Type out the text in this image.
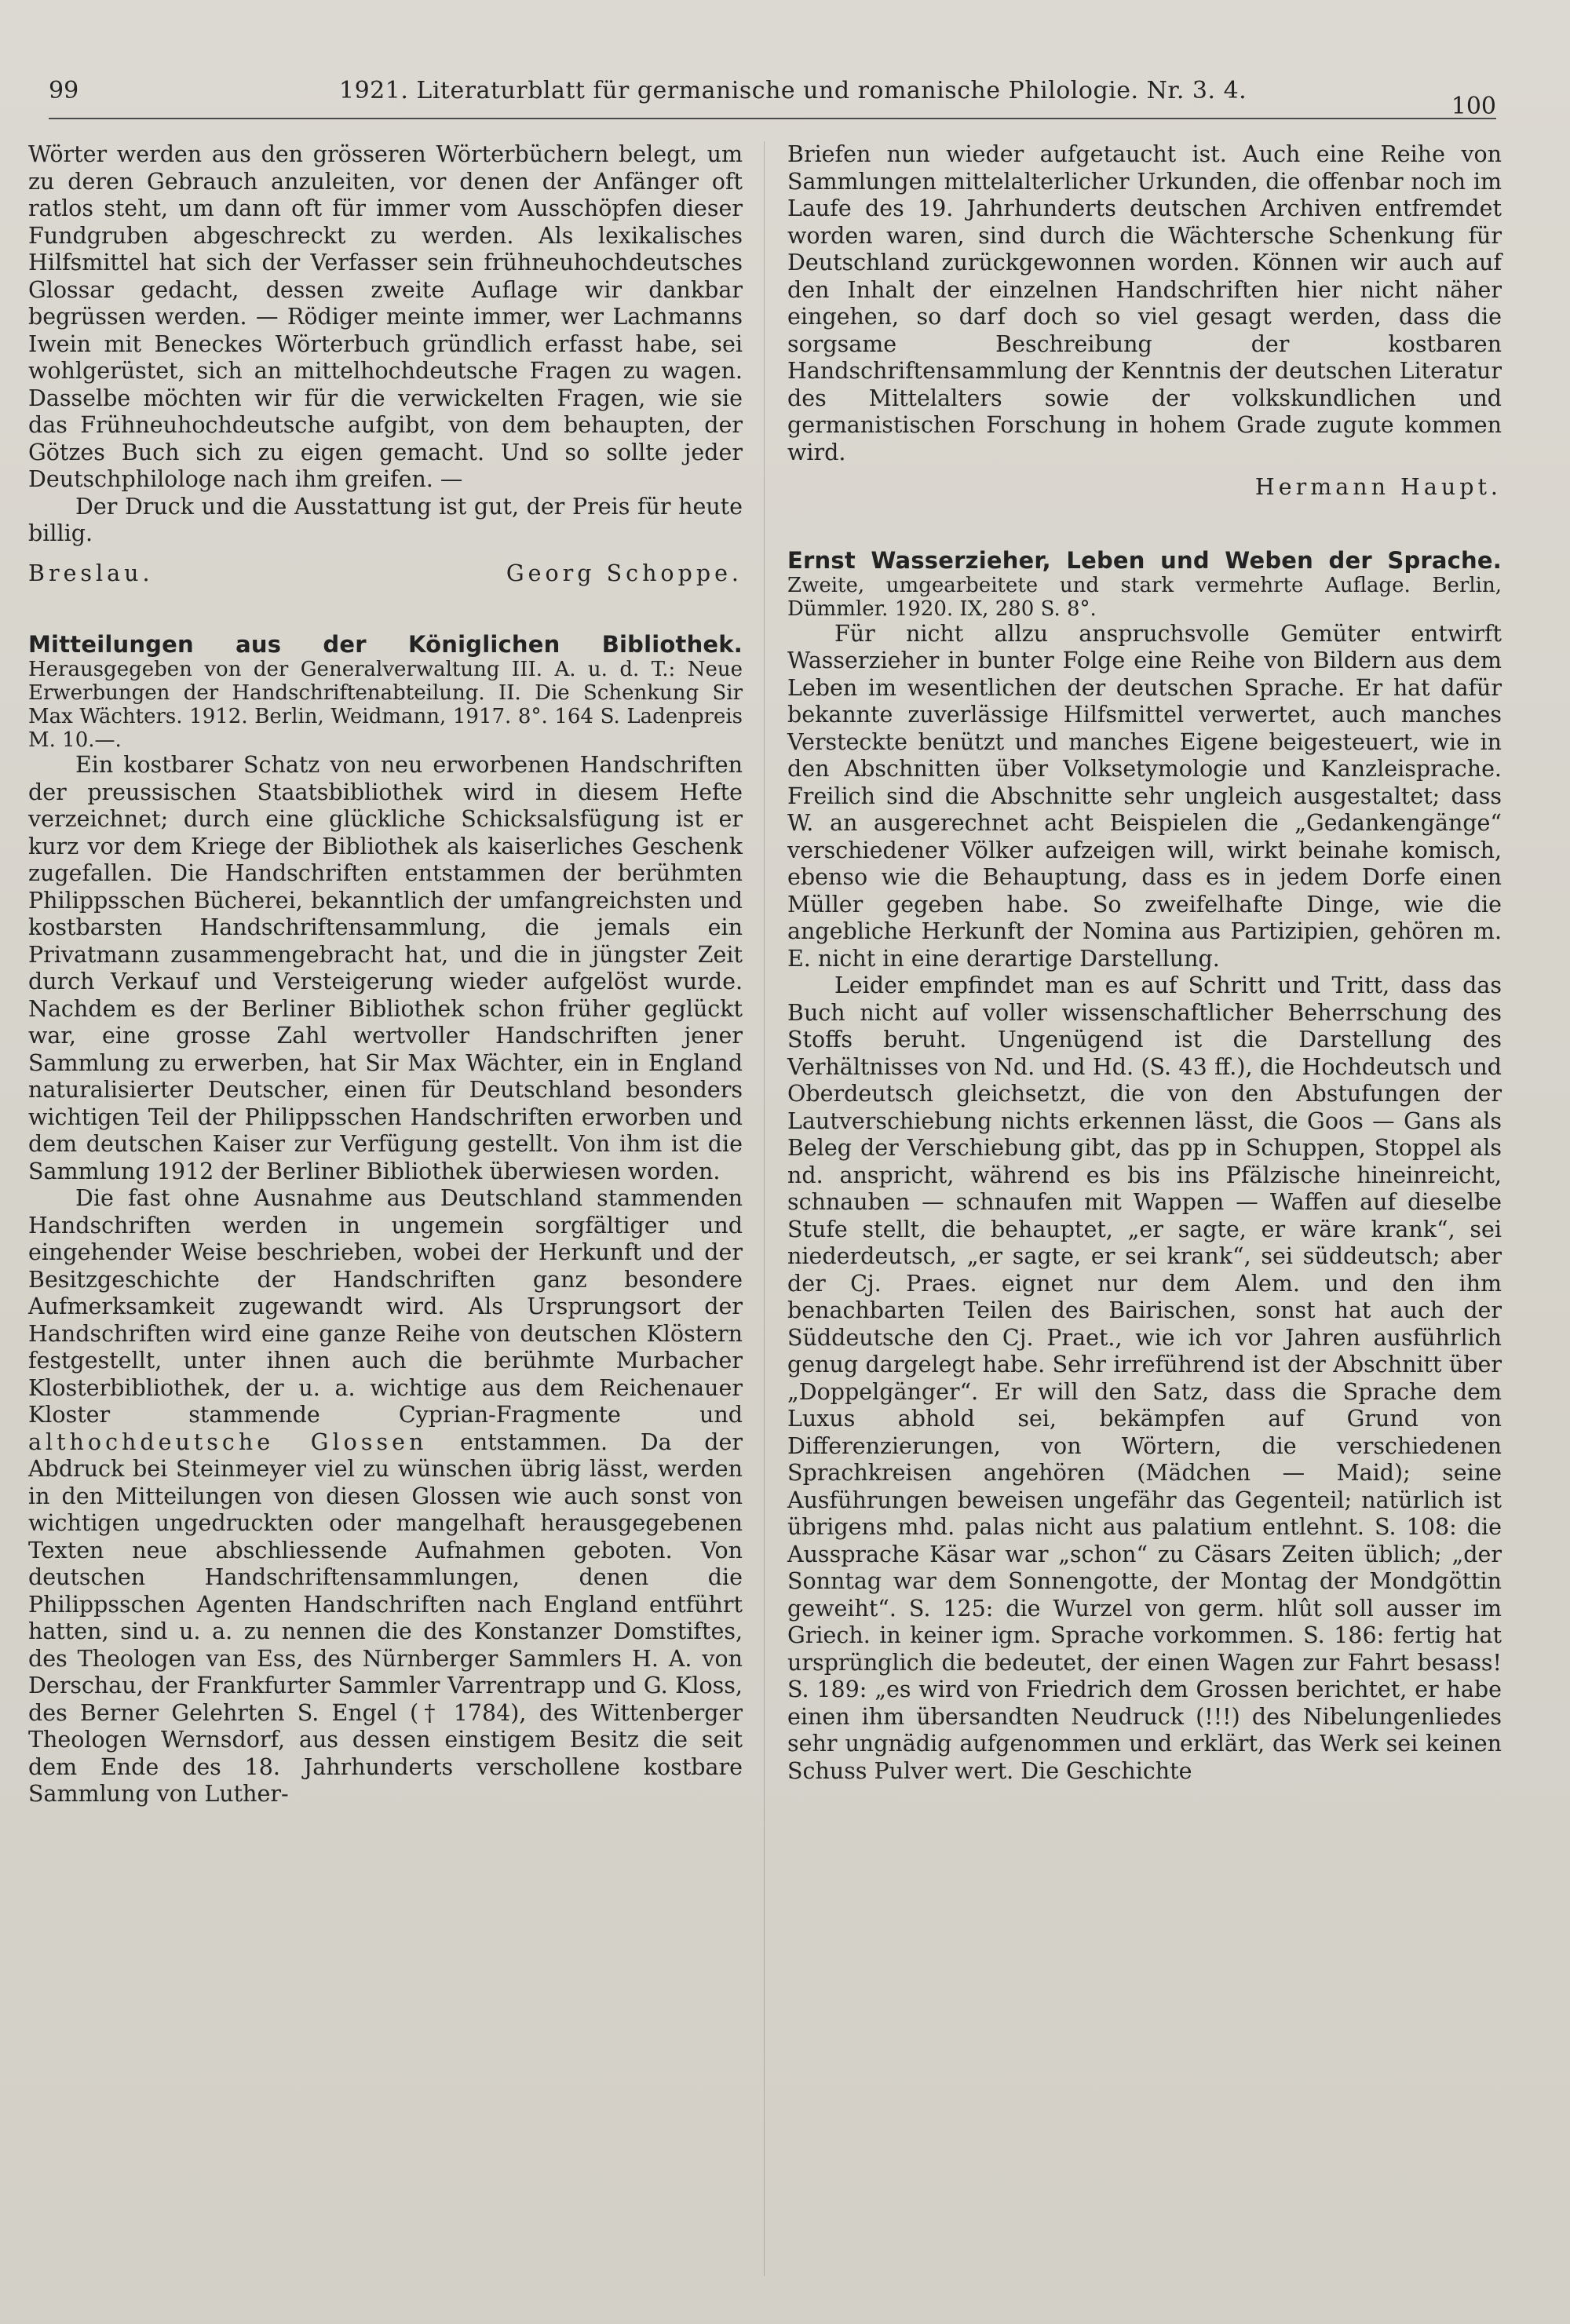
99	1921. Literaturblatt für germanische und romanische Philologie. Nr. 3. 4.
100

Wörter werden aus den grösseren Wörterbüchern belegt, um zu deren Gebrauch anzuleiten, vor denen der Anfänger oft ratlos steht, um dann oft für immer vom Ausschöpfen dieser Fundgruben abgeschreckt zu werden. Als lexikalisches Hilfsmittel hat sich der Verfasser sein frühneuhochdeutsches Glossar gedacht, dessen zweite Auflage wir dankbar begrüssen werden. — Rödiger meinte immer, wer Lachmanns Iwein mit Beneckes Wörterbuch gründlich erfasst habe, sei wohlgerüstet, sich an mittelhochdeutsche Fragen zu wagen. Dasselbe möchten wir für die verwickelten Fragen, wie sie das Frühneuhochdeutsche aufgibt, von dem behaupten, der Götzes Buch sich zu eigen gemacht. Und so sollte jeder Deutschphilologe nach ihm greifen. —

Der Druck und die Ausstattung ist gut, der Preis für heute billig.

Breslau.	Georg Schoppe.
Mitteilungen aus der Königlichen Bibliothek. Herausgegeben von der Generalverwaltung III. A. u. d. T.: Neue Erwerbungen der Handschriftenabteilung. II. Die Schenkung Sir Max Wächters. 1912. Berlin, Weidmann, 1917. 8°. 164 S. Ladenpreis M. 10.—.

Ein kostbarer Schatz von neu erworbenen Handschriften der preussischen Staatsbibliothek wird in diesem Hefte verzeichnet; durch eine glückliche Schicksalsfügung ist er kurz vor dem Kriege der Bibliothek als kaiserliches Geschenk zugefallen. Die Handschriften entstammen der berühmten Philippsschen Bücherei, bekanntlich der umfangreichsten und kostbarsten Handschriftensammlung, die jemals ein Privatmann zusammengebracht hat, und die in jüngster Zeit durch Verkauf und Versteigerung wieder aufgelöst wurde. Nachdem es der Berliner Bibliothek schon früher geglückt war, eine grosse Zahl wertvoller Handschriften jener Sammlung zu erwerben, hat Sir Max Wächter, ein in England naturalisierter Deutscher, einen für Deutschland besonders wichtigen Teil der Philippsschen Handschriften erworben und dem deutschen Kaiser zur Verfügung gestellt. Von ihm ist die Sammlung 1912 der Berliner Bibliothek überwiesen worden.

Die fast ohne Ausnahme aus Deutschland stammenden Handschriften werden in ungemein sorgfältiger und eingehender Weise beschrieben, wobei der Herkunft und der Besitzgeschichte der Handschriften ganz besondere Aufmerksamkeit zugewandt wird. Als Ursprungsort der Handschriften wird eine ganze Reihe von deutschen Klöstern festgestellt, unter ihnen auch die berühmte Murbacher Klosterbibliothek, der u. a. wichtige aus dem Reichenauer Kloster stammende Cyprian-Fragmente und althochdeutsche Glossen entstammen. Da der Abdruck bei Steinmeyer viel zu wünschen übrig lässt, werden in den Mitteilungen von diesen Glossen wie auch sonst von wichtigen ungedruckten oder mangelhaft herausgegebenen Texten neue abschliessende Aufnahmen geboten. Von deutschen Handschriftensammlungen, denen die Philippsschen Agenten Handschriften nach England entführt hatten, sind u. a. zu nennen die des Konstanzer Domstiftes, des Theologen van Ess, des Nürnberger Sammlers H. A. von Derschau, der Frankfurter Sammler Varrentrapp und G. Kloss, des Berner Gelehrten S. Engel († 1784), des Wittenberger Theologen Wernsdorf, aus dessen einstigem Besitz die seit dem Ende des 18. Jahrhunderts verschollene kostbare Sammlung von Luther-

Briefen nun wieder aufgetaucht ist. Auch eine Reihe von Sammlungen mittelalterlicher Urkunden, die offenbar noch im Laufe des 19. Jahrhunderts deutschen Archiven entfremdet worden waren, sind durch die Wächtersche Schenkung für Deutschland zurückgewonnen worden. Können wir auch auf den Inhalt der einzelnen Handschriften hier nicht näher eingehen, so darf doch so viel gesagt werden, dass die sorgsame Beschreibung der kostbaren Handschriftensammlung der Kenntnis der deutschen Literatur des Mittelalters sowie der volkskundlichen und germanistischen Forschung in hohem Grade zugute kommen wird.

Hermann Haupt.
Ernst Wasserzieher, Leben und Weben der Sprache. Zweite, umgearbeitete und stark vermehrte Auflage. Berlin, Dümmler. 1920. IX, 280 S. 8°.

Für nicht allzu anspruchsvolle Gemüter entwirft Wasserzieher in bunter Folge eine Reihe von Bildern aus dem Leben im wesentlichen der deutschen Sprache. Er hat dafür bekannte zuverlässige Hilfsmittel verwertet, auch manches Versteckte benützt und manches Eigene beigesteuert, wie in den Abschnitten über Volksetymologie und Kanzleisprache. Freilich sind die Abschnitte sehr ungleich ausgestaltet; dass W. an ausgerechnet acht Beispielen die „Gedankengänge“ verschiedener Völker aufzeigen will, wirkt beinahe komisch, ebenso wie die Behauptung, dass es in jedem Dorfe einen Müller gegeben habe. So zweifelhafte Dinge, wie die angebliche Herkunft der Nomina aus Partizipien, gehören m. E. nicht in eine derartige Darstellung.

Leider empfindet man es auf Schritt und Tritt, dass das Buch nicht auf voller wissenschaftlicher Beherrschung des Stoffs beruht. Ungenügend ist die Darstellung des Verhältnisses von Nd. und Hd. (S. 43 ff.), die Hochdeutsch und Oberdeutsch gleichsetzt, die von den Abstufungen der Lautverschiebung nichts erkennen lässt, die Goos — Gans als Beleg der Verschiebung gibt, das pp in Schuppen, Stoppel als nd. anspricht, während es bis ins Pfälzische hineinreicht, schnauben — schnaufen mit Wappen — Waffen auf dieselbe Stufe stellt, die behauptet, „er sagte, er wäre krank“, sei niederdeutsch, „er sagte, er sei krank“, sei süddeutsch; aber der Cj. Praes. eignet nur dem Alem. und den ihm benachbarten Teilen des Bairischen, sonst hat auch der Süddeutsche den Cj. Praet., wie ich vor Jahren ausführlich genug dargelegt habe. Sehr irreführend ist der Abschnitt über „Doppelgänger“. Er will den Satz, dass die Sprache dem Luxus abhold sei, bekämpfen auf Grund von Differenzierungen, von Wörtern, die verschiedenen Sprachkreisen angehören (Mädchen — Maid); seine Ausführungen beweisen ungefähr das Gegenteil; natürlich ist übrigens mhd. palas nicht aus palatium entlehnt. S. 108: die Aussprache Käsar war „schon“ zu Cäsars Zeiten üblich; „der Sonntag war dem Sonnengotte, der Montag der Mondgöttin geweiht“. S. 125: die Wurzel von germ. hlût soll ausser im Griech. in keiner igm. Sprache vorkommen. S. 186: fertig hat ursprünglich die bedeutet, der einen Wagen zur Fahrt besass! S. 189: „es wird von Friedrich dem Grossen berichtet, er habe einen ihm übersandten Neudruck (!!!) des Nibelungenliedes sehr ungnädig aufgenommen und erklärt, das Werk sei keinen Schuss Pulver wert. Die Geschichte
